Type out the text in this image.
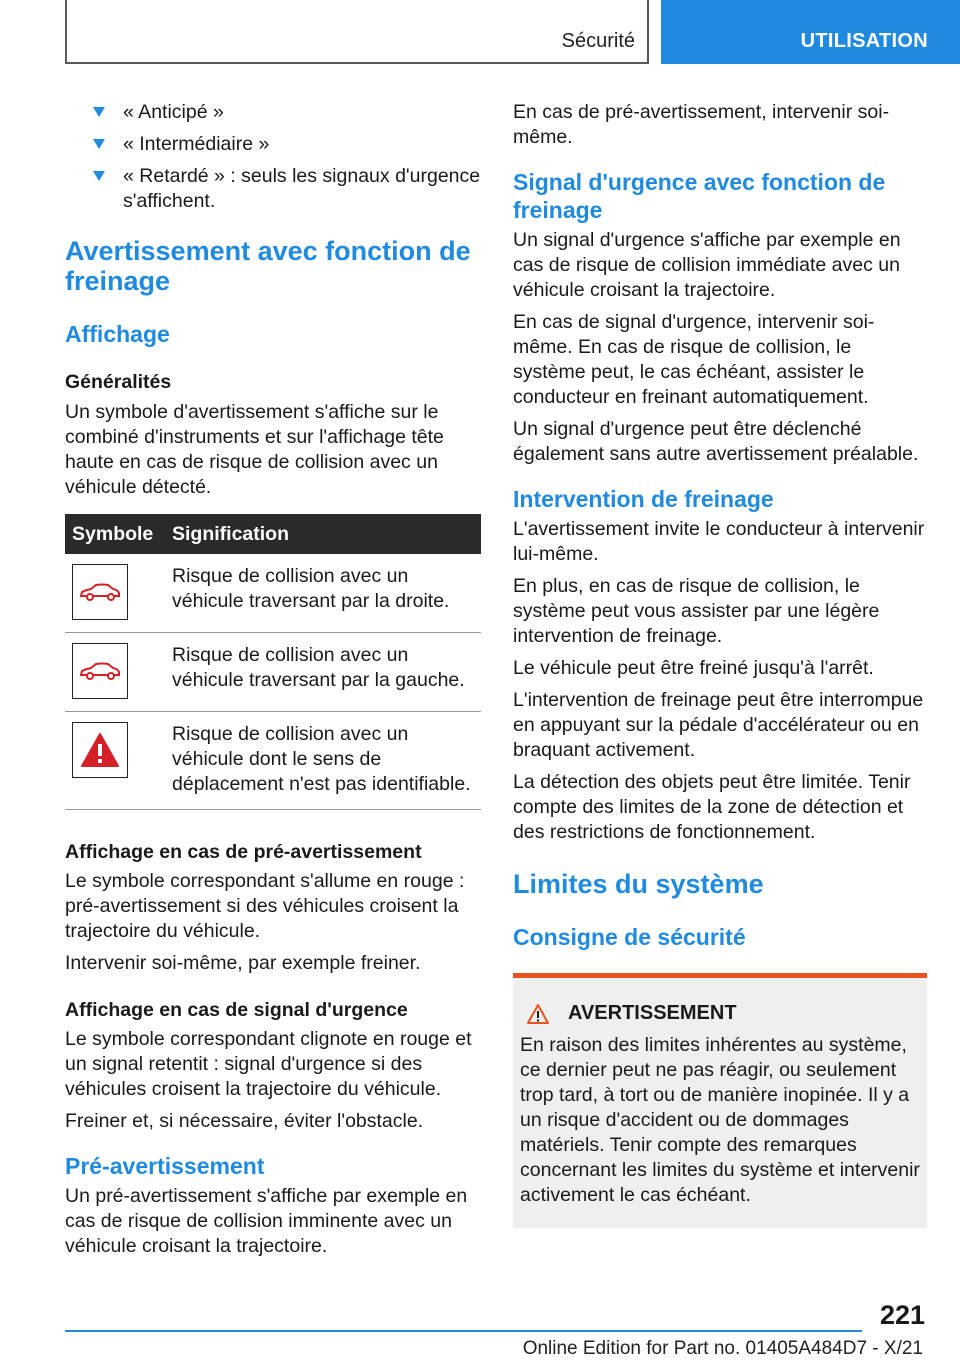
Sécurité	UTILISATION
« Anticipé »
« Intermédiaire »
« Retardé » : seuls les signaux d'urgence s'affichent.
Avertissement avec fonction de freinage
Affichage
Généralités

Un symbole d'avertissement s'affiche sur le combiné d'instruments et sur l'affichage tête haute en cas de risque de collision avec un véhicule détecté.

Symbole	Signification

	Risque de collision avec un véhicule traversant par la droite.

	Risque de collision avec un véhicule traversant par la gauche.

	Risque de collision avec un véhicule dont le sens de déplacement n'est pas identifiable.
Affichage en cas de pré-avertissement

Le symbole correspondant s'allume en rouge : pré-avertissement si des véhicules croisent la trajectoire du véhicule.

Intervenir soi-même, par exemple freiner.

Affichage en cas de signal d'urgence

Le symbole correspondant clignote en rouge et un signal retentit : signal d'urgence si des véhicules croisent la trajectoire du véhicule.

Freiner et, si nécessaire, éviter l'obstacle.

Pré-avertissement

Un pré-avertissement s'affiche par exemple en cas de risque de collision imminente avec un véhicule croisant la trajectoire.

En cas de pré-avertissement, intervenir soi-même.

Signal d'urgence avec fonction de freinage

Un signal d'urgence s'affiche par exemple en cas de risque de collision immédiate avec un véhicule croisant la trajectoire.

En cas de signal d'urgence, intervenir soi-même. En cas de risque de collision, le système peut, le cas échéant, assister le conducteur en freinant automatiquement.

Un signal d'urgence peut être déclenché également sans autre avertissement préalable.

Intervention de freinage

L'avertissement invite le conducteur à intervenir lui-même.

En plus, en cas de risque de collision, le système peut vous assister par une légère intervention de freinage.

Le véhicule peut être freiné jusqu'à l'arrêt.

L'intervention de freinage peut être interrompue en appuyant sur la pédale d'accélérateur ou en braquant activement.

La détection des objets peut être limitée. Tenir compte des limites de la zone de détection et des restrictions de fonctionnement.

Limites du système
Consigne de sécurité
AVERTISSEMENT

En raison des limites inhérentes au système, ce dernier peut ne pas réagir, ou seulement trop tard, à tort ou de manière inopinée. Il y a un risque d'accident ou de dommages matériels. Tenir compte des remarques concernant les limites du système et intervenir activement le cas échéant.

221
Online Edition for Part no. 01405A484D7 - X/21
